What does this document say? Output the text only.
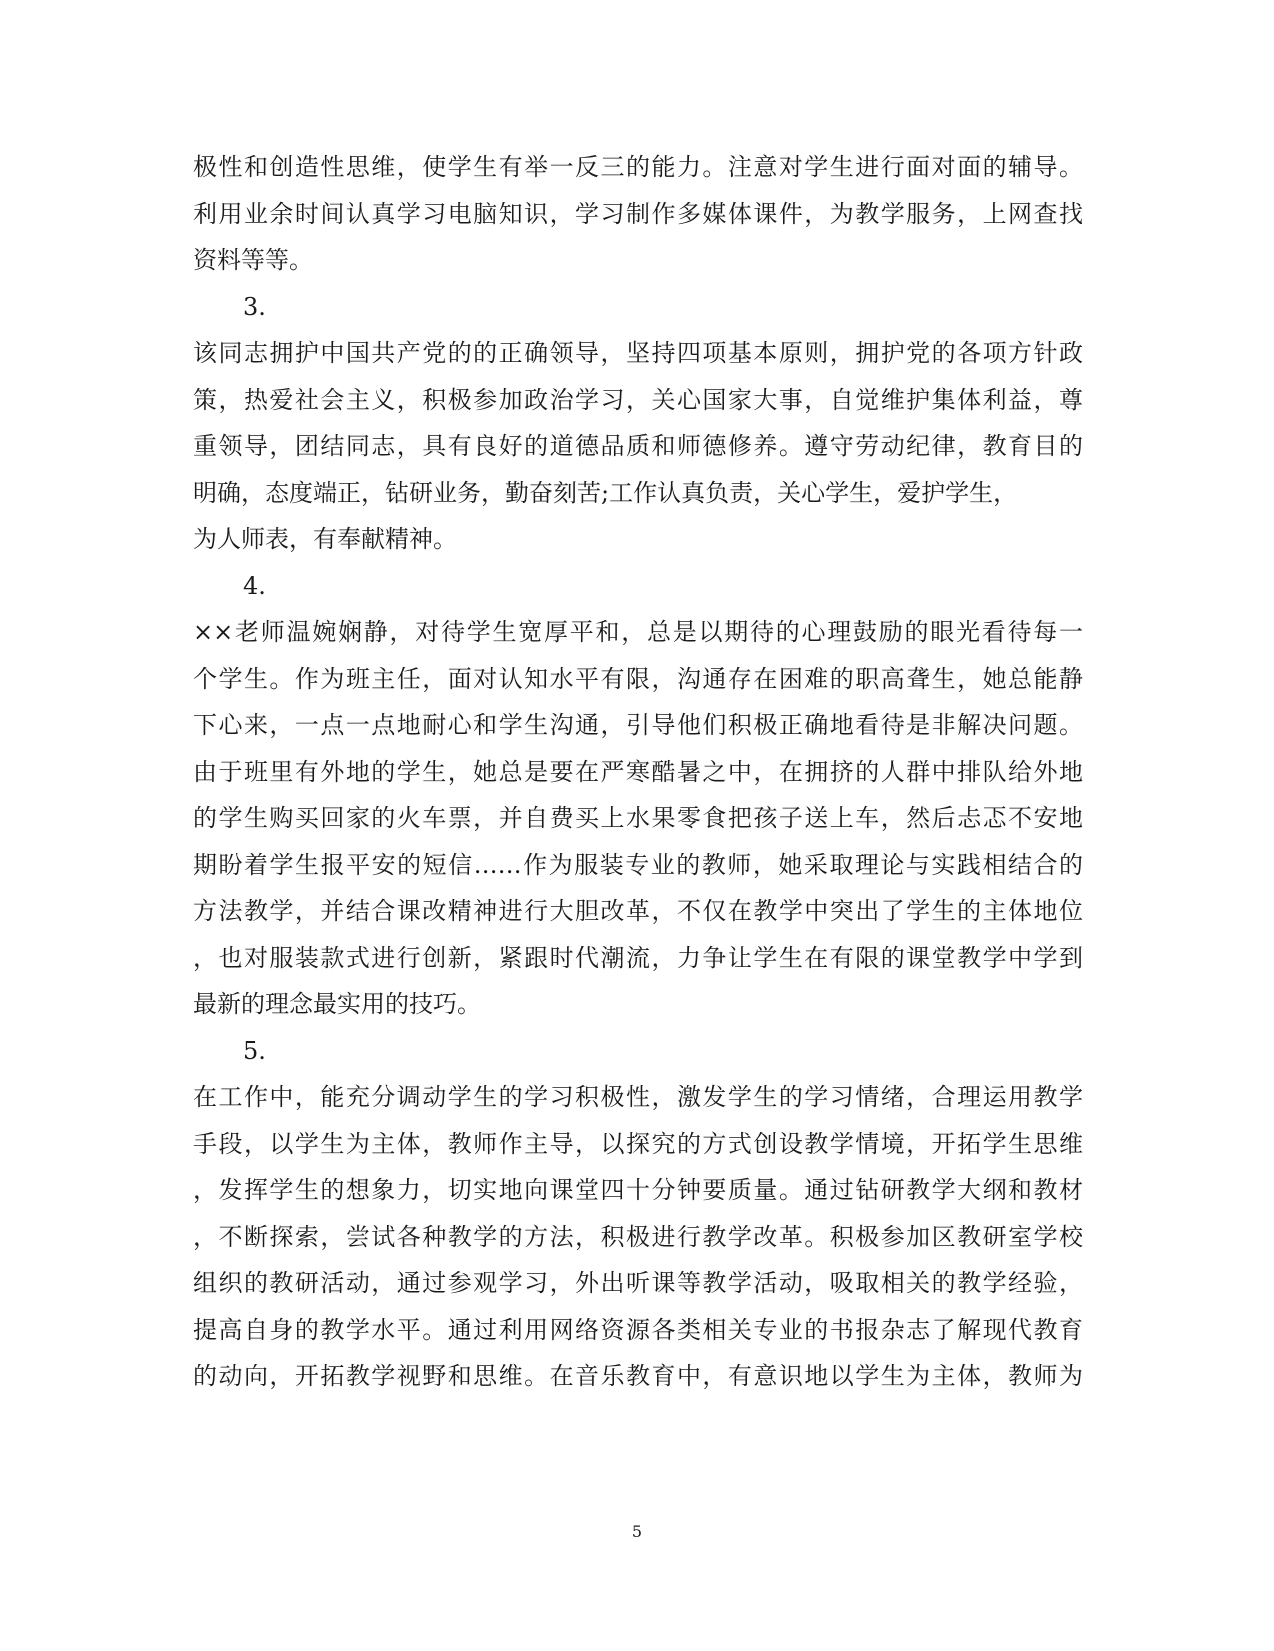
极性和创造性思维，使学生有举一反三的能力。注意对学生进行面对面的辅导。
利用业余时间认真学习电脑知识，学习制作多媒体课件，为教学服务，上网查找
资料等等。
3.
该同志拥护中国共产党的的正确领导，坚持四项基本原则，拥护党的各项方针政
策，热爱社会主义，积极参加政治学习，关心国家大事，自觉维护集体利益，尊
重领导，团结同志，具有良好的道德品质和师德修养。遵守劳动纪律，教育目的
明确，态度端正，钻研业务，勤奋刻苦;工作认真负责，关心学生，爱护学生，
为人师表，有奉献精神。
4.
××老师温婉娴静，对待学生宽厚平和，总是以期待的心理鼓励的眼光看待每一
个学生。作为班主任，面对认知水平有限，沟通存在困难的职高聋生，她总能静
下心来，一点一点地耐心和学生沟通，引导他们积极正确地看待是非解决问题。
由于班里有外地的学生，她总是要在严寒酷暑之中，在拥挤的人群中排队给外地
的学生购买回家的火车票，并自费买上水果零食把孩子送上车，然后忐忑不安地
期盼着学生报平安的短信……作为服装专业的教师，她采取理论与实践相结合的
方法教学，并结合课改精神进行大胆改革，不仅在教学中突出了学生的主体地位
，也对服装款式进行创新，紧跟时代潮流，力争让学生在有限的课堂教学中学到
最新的理念最实用的技巧。
5.
在工作中，能充分调动学生的学习积极性，激发学生的学习情绪，合理运用教学
手段，以学生为主体，教师作主导，以探究的方式创设教学情境，开拓学生思维
，发挥学生的想象力，切实地向课堂四十分钟要质量。通过钻研教学大纲和教材
，不断探索，尝试各种教学的方法，积极进行教学改革。积极参加区教研室学校
组织的教研活动，通过参观学习，外出听课等教学活动，吸取相关的教学经验，
提高自身的教学水平。通过利用网络资源各类相关专业的书报杂志了解现代教育
的动向，开拓教学视野和思维。在音乐教育中，有意识地以学生为主体，教师为
5
